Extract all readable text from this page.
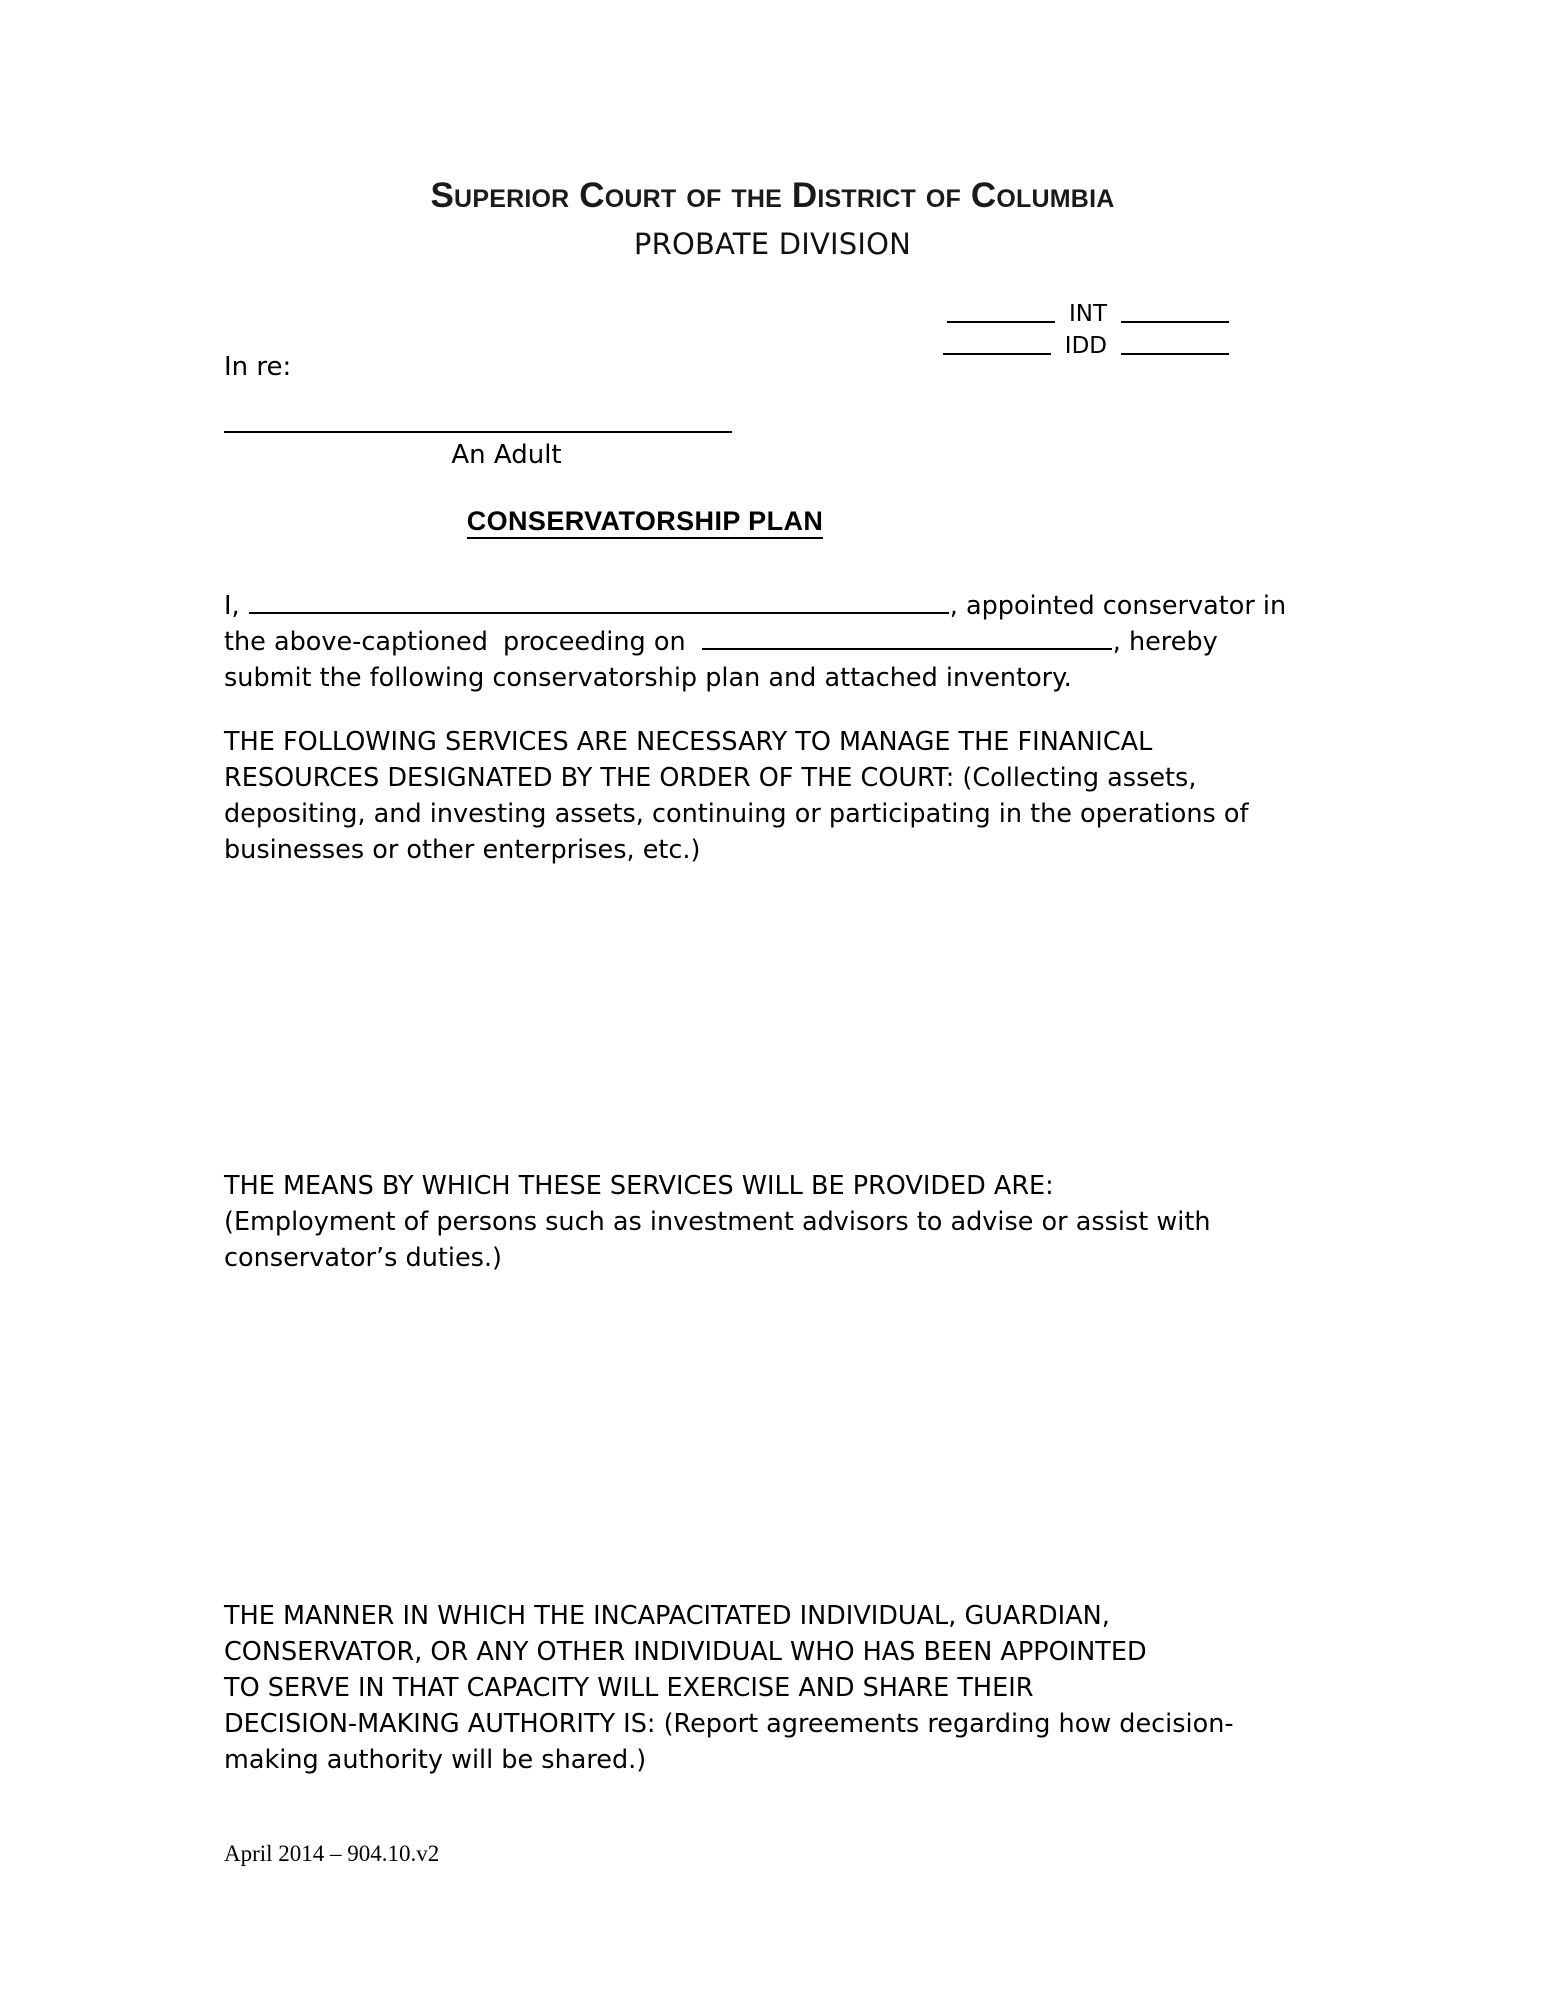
Superior Court of the District of Columbia
PROBATE DIVISION
INT
IDD
In re:
An Adult
CONSERVATORSHIP PLAN
I,	, appointed conservator in
the above-captioned proceeding on	, hereby
submit the following conservatorship plan and attached inventory.
THE FOLLOWING SERVICES ARE NECESSARY TO MANAGE THE FINANICAL
RESOURCES DESIGNATED BY THE ORDER OF THE COURT: (Collecting assets,
depositing, and investing assets, continuing or participating in the operations of
businesses or other enterprises, etc.)
THE MEANS BY WHICH THESE SERVICES WILL BE PROVIDED ARE:
(Employment of persons such as investment advisors to advise or assist with
conservator’s duties.)
THE MANNER IN WHICH THE INCAPACITATED INDIVIDUAL, GUARDIAN,
CONSERVATOR, OR ANY OTHER INDIVIDUAL WHO HAS BEEN APPOINTED
TO SERVE IN THAT CAPACITY WILL EXERCISE AND SHARE THEIR
DECISION-MAKING AUTHORITY IS: (Report agreements regarding how decision-
making authority will be shared.)
April 2014 – 904.10.v2
